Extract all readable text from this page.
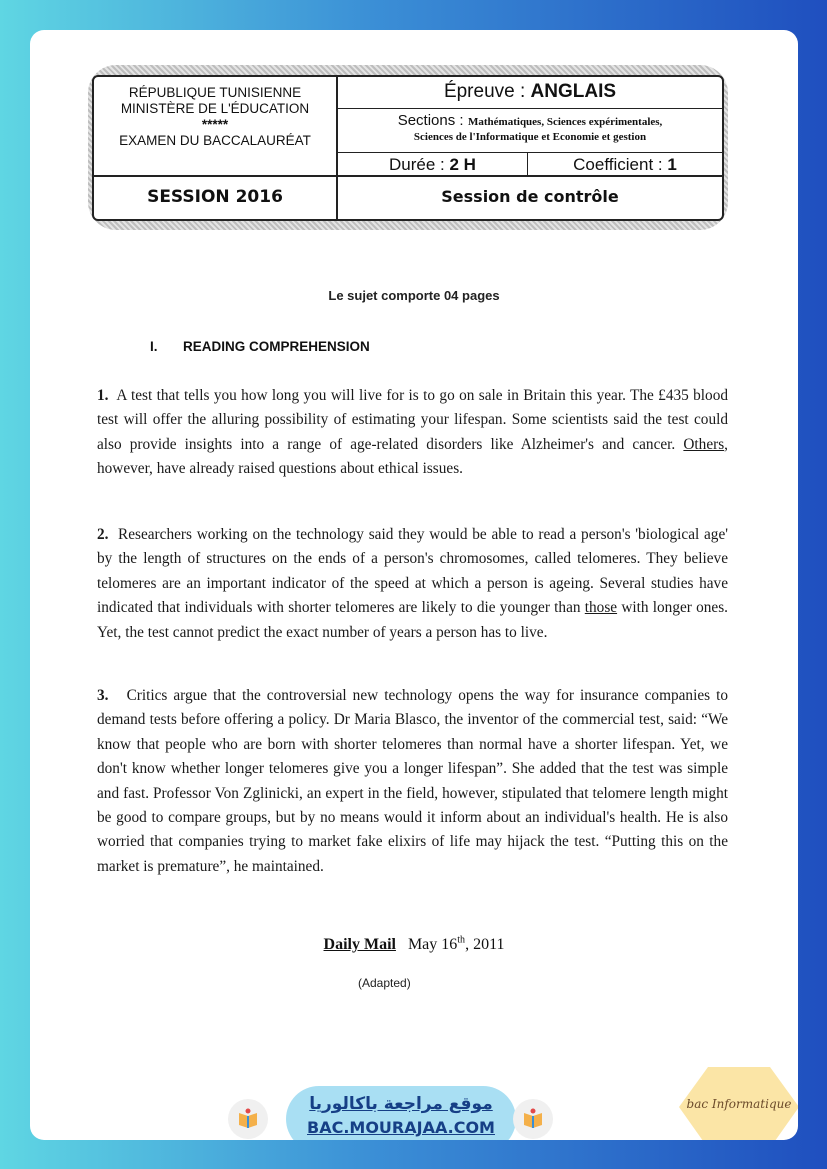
RÉPUBLIQUE TUNISIENNE
MINISTÈRE DE L'ÉDUCATION
*****
EXAMEN DU BACCALAURÉAT
Épreuve : ANGLAIS
Sections : Mathématiques, Sciences expérimentales,
Sciences de l'Informatique et Economie et gestion
Durée : 2 H	Coefficient : 1
SESSION 2016	Session de contrôle
Le sujet comporte 04 pages
I. READING COMPREHENSION

1. A test that tells you how long you will live for is to go on sale in Britain this year. The £435 blood test will offer the alluring possibility of estimating your lifespan. Some scientists said the test could also provide insights into a range of age-related disorders like Alzheimer's and cancer. Others, however, have already raised questions about ethical issues.

2. Researchers working on the technology said they would be able to read a person's 'biological age' by the length of structures on the ends of a person's chromosomes, called telomeres. They believe telomeres are an important indicator of the speed at which a person is ageing. Several studies have indicated that individuals with shorter telomeres are likely to die younger than those with longer ones. Yet, the test cannot predict the exact number of years a person has to live.

3. Critics argue that the controversial new technology opens the way for insurance companies to demand tests before offering a policy. Dr Maria Blasco, the inventor of the commercial test, said: “We know that people who are born with shorter telomeres than normal have a shorter lifespan. Yet, we don't know whether longer telomeres give you a longer lifespan”. She added that the test was simple and fast. Professor Von Zglinicki, an expert in the field, however, stipulated that telomere length might be good to compare groups, but by no means would it inform about an individual's health. He is also worried that companies trying to market fake elixirs of life may hijack the test. “Putting this on the market is premature”, he maintained.

Daily Mail May 16th, 2011
(Adapted)
موقع مراجعة باكالوريا
BAC.MOURAJAA.COM
bac Informatique
